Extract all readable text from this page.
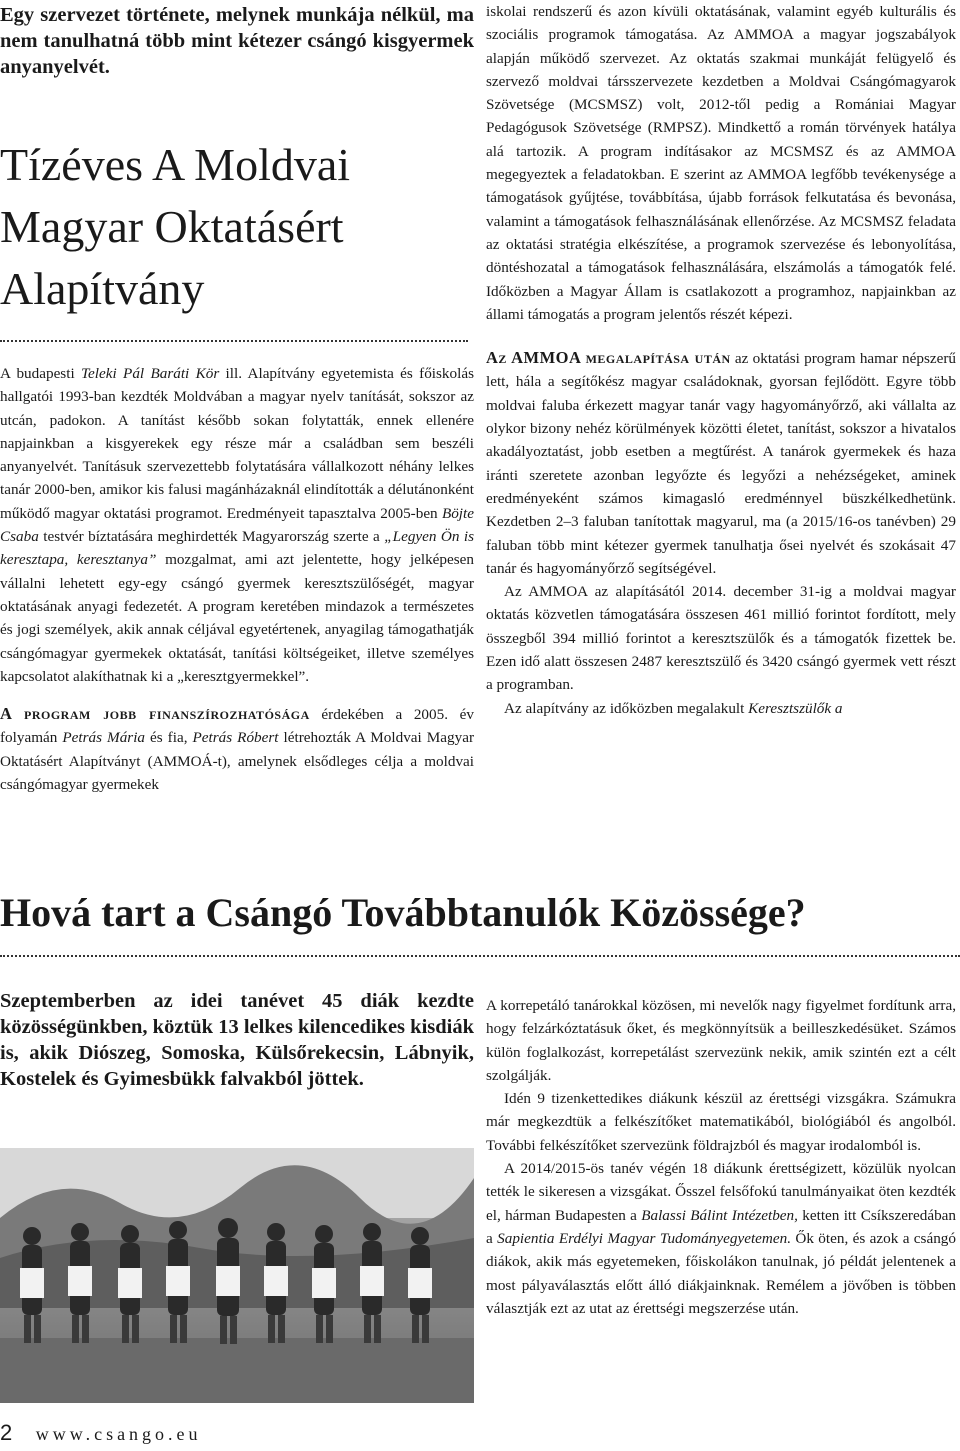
Egy szervezet története, melynek munkája nélkül, ma nem tanulhatná több mint kétezer csángó kisgyermek anyanyelvét.

Tízéves A Moldvai Magyar Oktatásért Alapítvány

A budapesti Teleki Pál Baráti Kör ill. Alapítvány egyetemista és főiskolás hallgatói 1993-ban kezdték Moldvában a magyar nyelv tanítását, sokszor az utcán, padokon. A tanítást később sokan folytatták, ennek ellenére napjainkban a kisgyerekek egy része már a családban sem beszéli anyanyelvét. Tanításuk szervezettebb folytatására vállalkozott néhány lelkes tanár 2000-ben, amikor kis falusi magánházaknál elindították a délutánonként működő magyar oktatási programot. Eredményeit tapasztalva 2005-ben Böjte Csaba testvér bíztatására meghirdették Magyarország szerte a „Legyen Ön is keresztapa, keresztanya” mozgalmat, ami azt jelentette, hogy jelképesen vállalni lehetett egy-egy csángó gyermek keresztszülőségét, magyar oktatásának anyagi fedezetét. A program keretében mindazok a természetes és jogi személyek, akik annak céljával egyetértenek, anyagilag támogathatják csángómagyar gyermekek oktatását, tanítási költségeiket, illetve személyes kapcsolatot alakíthatnak ki a „keresztgyermekkel”.

A program jobb finanszírozhatósága érdekében a 2005. év folyamán Petrás Mária és fia, Petrás Róbert létrehozták A Moldvai Magyar Oktatásért Alapítványt (AMMOÁ-t), amelynek elsődleges célja a moldvai csángómagyar gyermekek

iskolai rendszerű és azon kívüli oktatásának, valamint egyéb kulturális és szociális programok támogatása. Az AMMOA a magyar jogszabályok alapján működő szervezet. Az oktatás szakmai munkáját felügyelő és szervező moldvai társszervezete kezdetben a Moldvai Csángómagyarok Szövetsége (MCSMSZ) volt, 2012-től pedig a Romániai Magyar Pedagógusok Szövetsége (RMPSZ). Mindkettő a román törvények hatálya alá tartozik. A program indításakor az MCSMSZ és az AMMOA megegyeztek a feladatokban. E szerint az AMMOA legfőbb tevékenysége a támogatások gyűjtése, továbbítása, újabb források felkutatása és bevonása, valamint a támogatások felhasználásának ellenőrzése. Az MCSMSZ feladata az oktatási stratégia elkészítése, a programok szervezése és lebonyolítása, döntéshozatal a támogatások felhasználására, elszámolás a támogatók felé. Időközben a Magyar Állam is csatlakozott a programhoz, napjainkban az állami támogatás a program jelentős részét képezi.

Az AMMOA megalapítása után az oktatási program hamar népszerű lett, hála a segítőkész magyar családoknak, gyorsan fejlődött. Egyre több moldvai faluba érkezett magyar tanár vagy hagyományőrző, aki vállalta az olykor bizony nehéz körülmények közötti életet, tanítást, sokszor a hivatalos akadályoztatást, jobb esetben a megtűrést. A tanárok gyermekek és haza iránti szeretete azonban legyőzte és legyőzi a nehézségeket, aminek eredményeként számos kimagasló eredménnyel büszkélkedhetünk. Kezdetben 2–3 faluban tanítottak magyarul, ma (a 2015/16-os tanévben) 29 faluban több mint kétezer gyermek tanulhatja ősei nyelvét és szokásait 47 tanár és hagyományőrző segítségével.

Az AMMOA az alapításától 2014. december 31-ig a moldvai magyar oktatás közvetlen támogatására összesen 461 millió forintot fordított, mely összegből 394 millió forintot a keresztszülők és a támogatók fizettek be. Ezen idő alatt összesen 2487 keresztszülő és 3420 csángó gyermek vett részt a programban.

Az alapítvány az időközben megalakult Keresztszülők a

Hová tart a Csángó Továbbtanulók Közössége?

Szeptemberben az idei tanévet 45 diák kezdte közösségünkben, köztük 13 lelkes kilencedikes kisdiák is, akik Diószeg, Somoska, Külsőrekecsin, Lábnyik, Kostelek és Gyimesbükk falvakból jöttek.

A korrepetáló tanárokkal közösen, mi nevelők nagy figyelmet fordítunk arra, hogy felzárkóztatásuk őket, és megkönnyítsük a beilleszkedésüket. Számos külön foglalkozást, korrepetálást szervezünk nekik, amik szintén ezt a célt szolgálják.

Idén 9 tizenkettedikes diákunk készül az érettségi vizsgákra. Számukra már megkezdtük a felkészítőket matematikából, biológiából és angolból. További felkészítőket szervezünk földrajzból és magyar irodalomból is.

A 2014/2015-ös tanév végén 18 diákunk érettségizett, közülük nyolcan tették le sikeresen a vizsgákat. Ősszel felsőfokú tanulmányaikat öten kezdték el, hárman Budapesten a Balassi Bálint Intézetben, ketten itt Csíkszeredában a Sapientia Erdélyi Magyar Tudományegyetemen. Ők öten, és azok a csángó diákok, akik más egyetemeken, főiskolákon tanulnak, jó példát jelentenek a most pályaválasztás előtt álló diákjainknak. Remélem a jövőben is többen választják ezt az utat az érettségi megszerzése után.

2 www.csango.eu
